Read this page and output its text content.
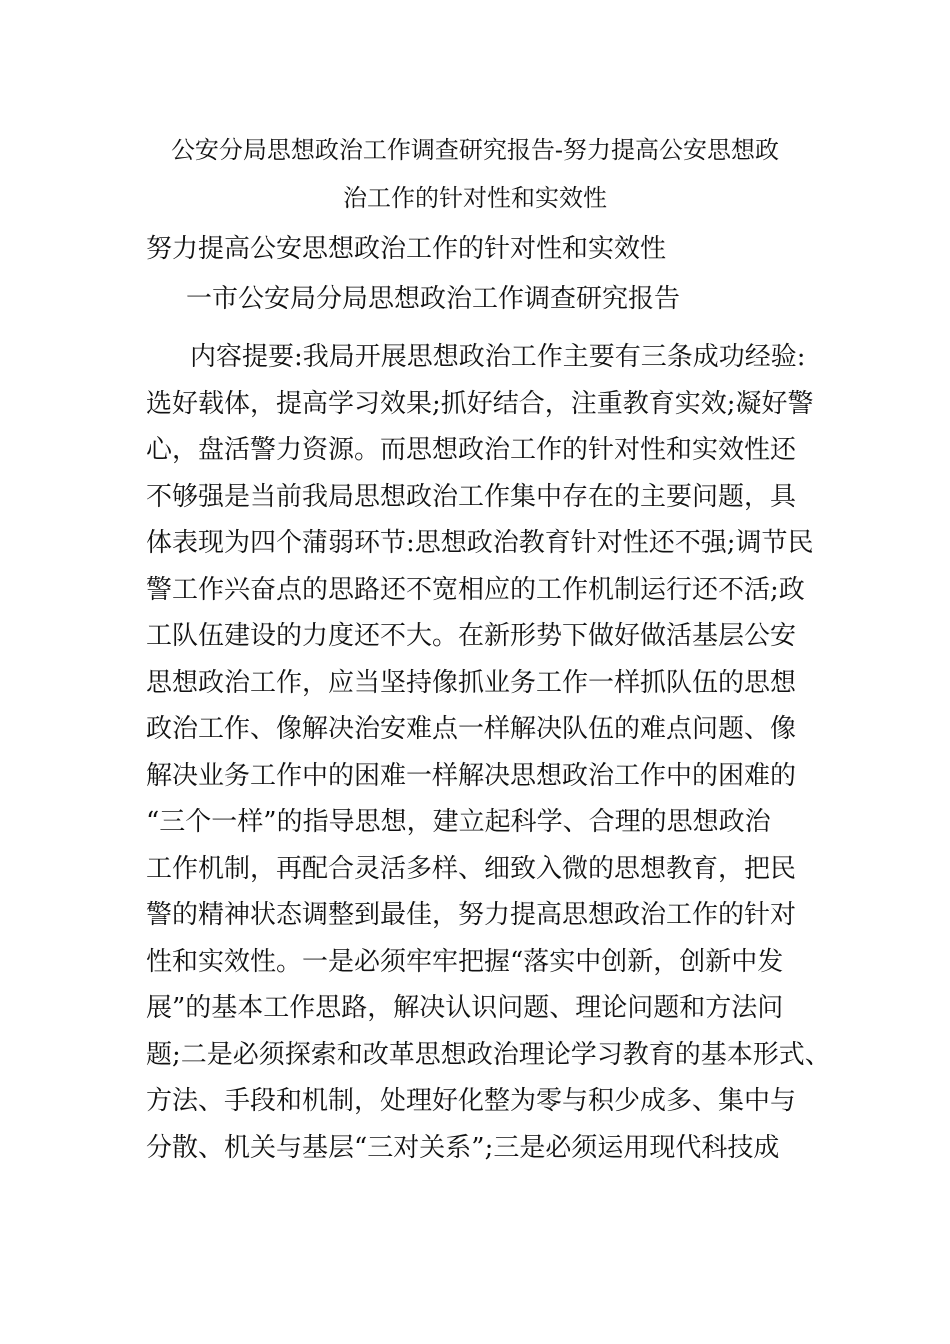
公安分局思想政治工作调查研究报告-努力提高公安思想政
治工作的针对性和实效性
努力提高公安思想政治工作的针对性和实效性
一市公安局分局思想政治工作调查研究报告
内容提要:我局开展思想政治工作主要有三条成功经验:
选好载体，提高学习效果;抓好结合，注重教育实效;凝好警
心，盘活警力资源。而思想政治工作的针对性和实效性还
不够强是当前我局思想政治工作集中存在的主要问题，具
体表现为四个蒲弱环节:思想政治教育针对性还不强;调节民
警工作兴奋点的思路还不宽相应的工作机制运行还不活;政
工队伍建设的力度还不大。在新形势下做好做活基层公安
思想政治工作，应当坚持像抓业务工作一样抓队伍的思想
政治工作、像解决治安难点一样解决队伍的难点问题、像
解决业务工作中的困难一样解决思想政治工作中的困难的
“三个一样”的指导思想，建立起科学、合理的思想政治
工作机制，再配合灵活多样、细致入微的思想教育，把民
警的精神状态调整到最佳，努力提高思想政治工作的针对
性和实效性。一是必须牢牢把握“落实中创新，创新中发
展”的基本工作思路，解决认识问题、理论问题和方法问
题;二是必须探索和改革思想政治理论学习教育的基本形式、
方法、手段和机制，处理好化整为零与积少成多、集中与
分散、机关与基层“三对关系”;三是必须运用现代科技成
